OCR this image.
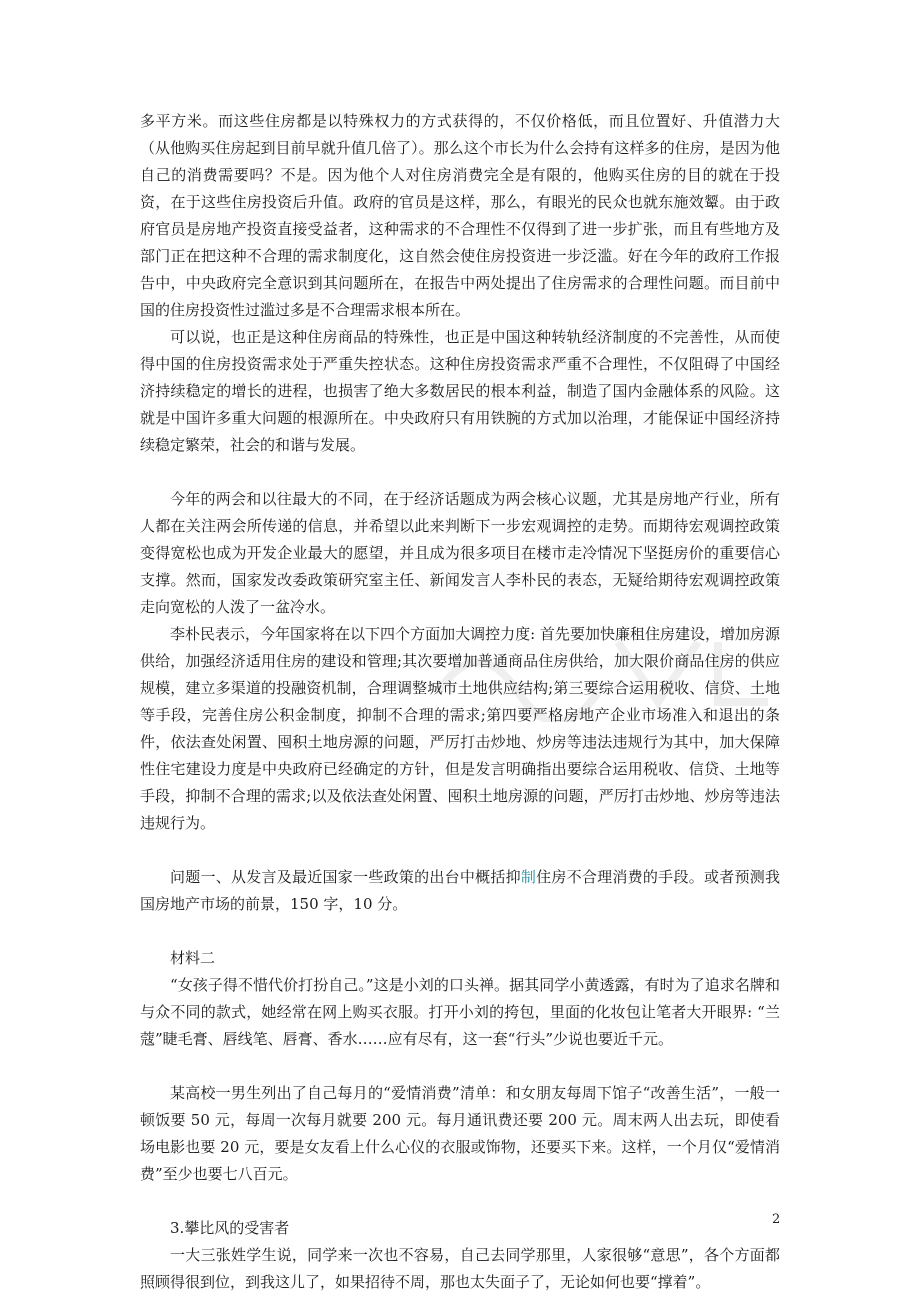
多平方米。而这些住房都是以特殊权力的方式获得的，不仅价格低，而且位置好、升值潜力大（从他购买住房起到目前早就升值几倍了）。那么这个市长为什么会持有这样多的住房，是因为他自己的消费需要吗？不是。因为他个人对住房消费完全是有限的，他购买住房的目的就在于投资，在于这些住房投资后升值。政府的官员是这样，那么，有眼光的民众也就东施效颦。由于政府官员是房地产投资直接受益者，这种需求的不合理性不仅得到了进一步扩张，而且有些地方及部门正在把这种不合理的需求制度化，这自然会使住房投资进一步泛滥。好在今年的政府工作报告中，中央政府完全意识到其问题所在，在报告中两处提出了住房需求的合理性问题。而目前中国的住房投资性过滥过多是不合理需求根本所在。

可以说，也正是这种住房商品的特殊性，也正是中国这种转轨经济制度的不完善性，从而使得中国的住房投资需求处于严重失控状态。这种住房投资需求严重不合理性，不仅阻碍了中国经济持续稳定的增长的进程，也损害了绝大多数居民的根本利益，制造了国内金融体系的风险。这就是中国许多重大问题的根源所在。中央政府只有用铁腕的方式加以治理，才能保证中国经济持续稳定繁荣，社会的和谐与发展。

今年的两会和以往最大的不同，在于经济话题成为两会核心议题，尤其是房地产行业，所有人都在关注两会所传递的信息，并希望以此来判断下一步宏观调控的走势。而期待宏观调控政策变得宽松也成为开发企业最大的愿望，并且成为很多项目在楼市走冷情况下坚挺房价的重要信心支撑。然而，国家发改委政策研究室主任、新闻发言人李朴民的表态，无疑给期待宏观调控政策走向宽松的人泼了一盆冷水。

李朴民表示，今年国家将在以下四个方面加大调控力度: 首先要加快廉租住房建设，增加房源供给，加强经济适用住房的建设和管理;其次要增加普通商品住房供给，加大限价商品住房的供应规模，建立多渠道的投融资机制，合理调整城市土地供应结构;第三要综合运用税收、信贷、土地等手段，完善住房公积金制度，抑制不合理的需求;第四要严格房地产企业市场准入和退出的条件，依法查处闲置、囤积土地房源的问题，严厉打击炒地、炒房等违法违规行为其中，加大保障性住宅建设力度是中央政府已经确定的方针，但是发言明确指出要综合运用税收、信贷、土地等手段，抑制不合理的需求;以及依法查处闲置、囤积土地房源的问题，严厉打击炒地、炒房等违法违规行为。

问题一、从发言及最近国家一些政策的出台中概括抑制住房不合理消费的手段。或者预测我国房地产市场的前景，150 字，10 分。

材料二

“女孩子得不惜代价打扮自己。”这是小刘的口头禅。据其同学小黄透露，有时为了追求名牌和与众不同的款式，她经常在网上购买衣服。打开小刘的挎包，里面的化妆包让笔者大开眼界: “兰蔻”睫毛膏、唇线笔、唇膏、香水……应有尽有，这一套“行头”少说也要近千元。

某高校一男生列出了自己每月的“爱情消费”清单：和女朋友每周下馆子“改善生活”，一般一顿饭要 50 元，每周一次每月就要 200 元。每月通讯费还要 200 元。周末两人出去玩，即使看场电影也要 20 元，要是女友看上什么心仪的衣服或饰物，还要买下来。这样，一个月仅“爱情消费”至少也要七八百元。

3.攀比风的受害者

一大三张姓学生说，同学来一次也不容易，自己去同学那里，人家很够“意思”，各个方面都照顾得很到位，到我这儿了，如果招待不周，那也太失面子了，无论如何也要“撑着”。

2
